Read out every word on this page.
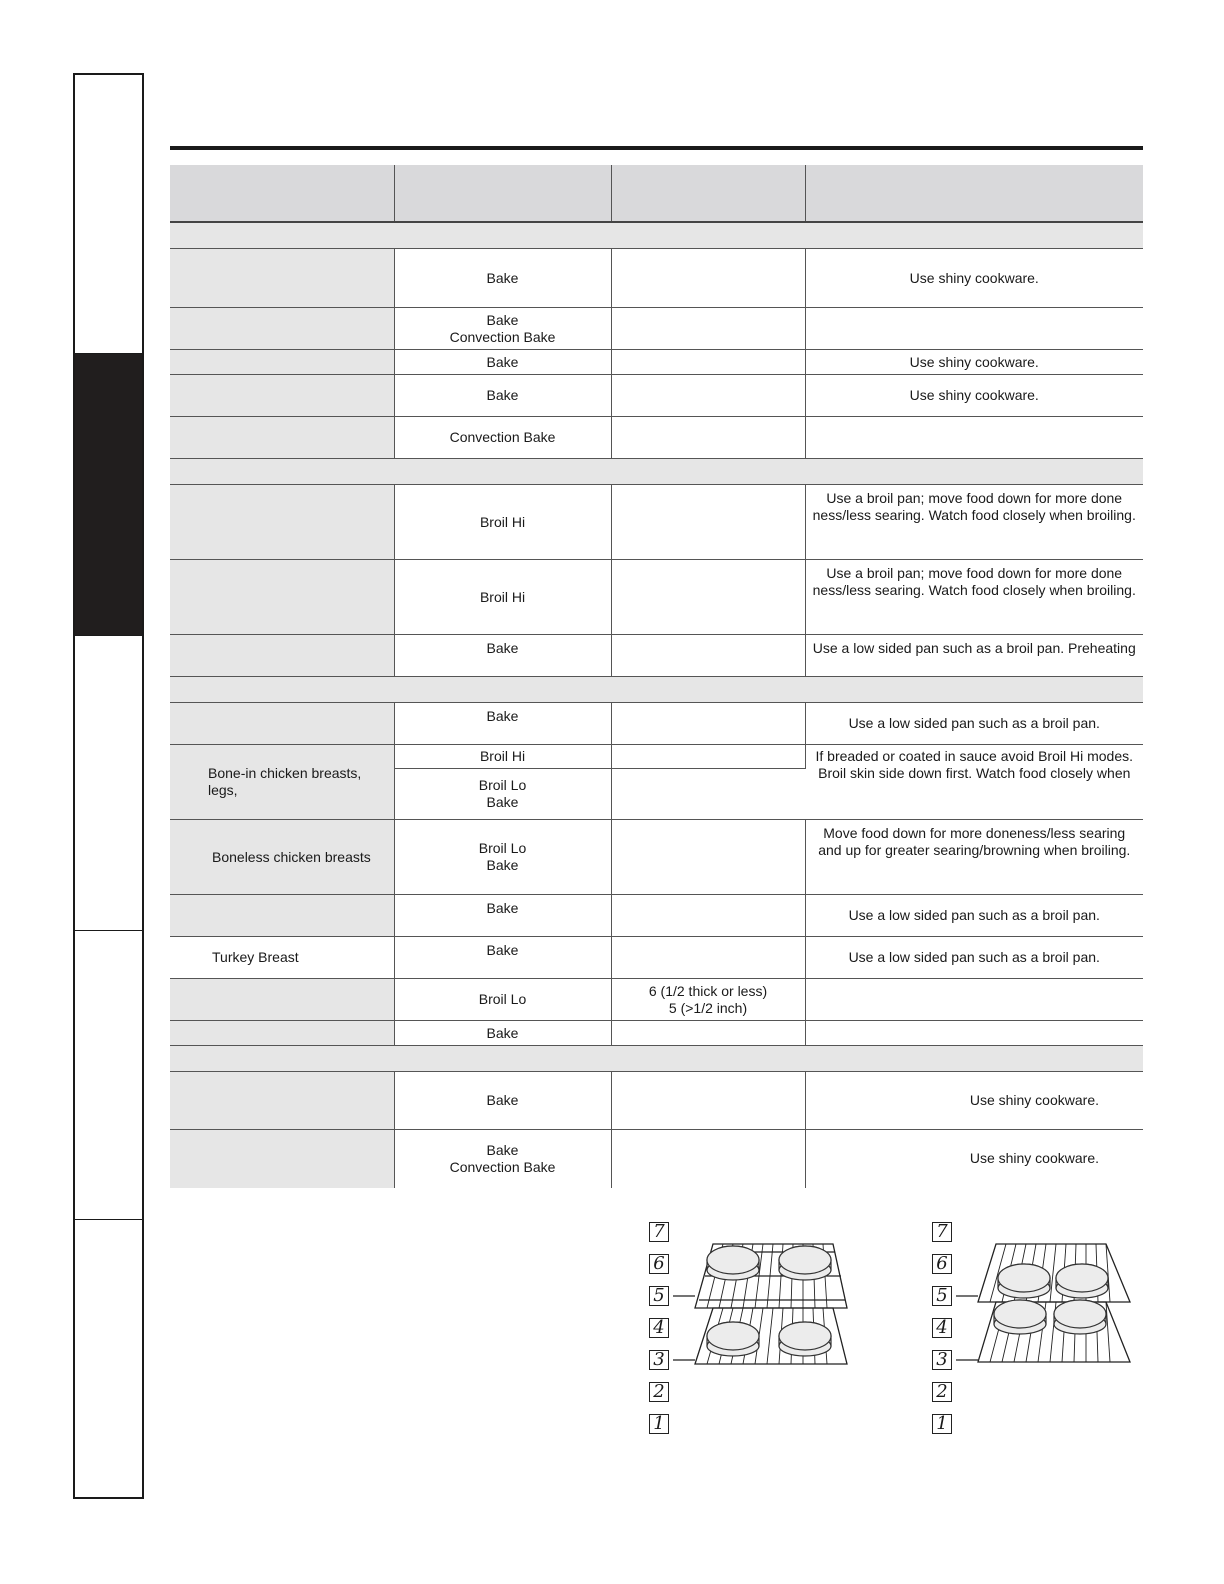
	Bake		Use shiny cookware.
	Bake
Convection Bake		
	Bake		Use shiny cookware.
	Bake		Use shiny cookware.
	Convection Bake		

	Broil Hi		Use a broil pan; move food down for more done ness/less searing. Watch food closely when broiling.
	Broil Hi		Use a broil pan; move food down for more done ness/less searing. Watch food closely when broiling.
	Bake		Use a low sided pan such as a broil pan. Preheating

	Bake		Use a low sided pan such as a broil pan.
Bone-in chicken breasts, legs,	Broil Hi		If breaded or coated in sauce avoid Broil Hi modes. Broil skin side down first. Watch food closely when
	Broil Lo
Bake		
Boneless chicken breasts	Broil Lo
Bake		Move food down for more doneness/less searing and up for greater searing/browning when broiling.
	Bake		Use a low sided pan such as a broil pan.
Turkey Breast	Bake		Use a low sided pan such as a broil pan.
	Broil Lo	6 (1/2 thick or less)
5 (>1/2 inch)	
	Bake		

	Bake		Use shiny cookware.
	Bake
Convection Bake		Use shiny cookware.
7
6
5
4
3
2
1
7
6
5
4
3
2
1
